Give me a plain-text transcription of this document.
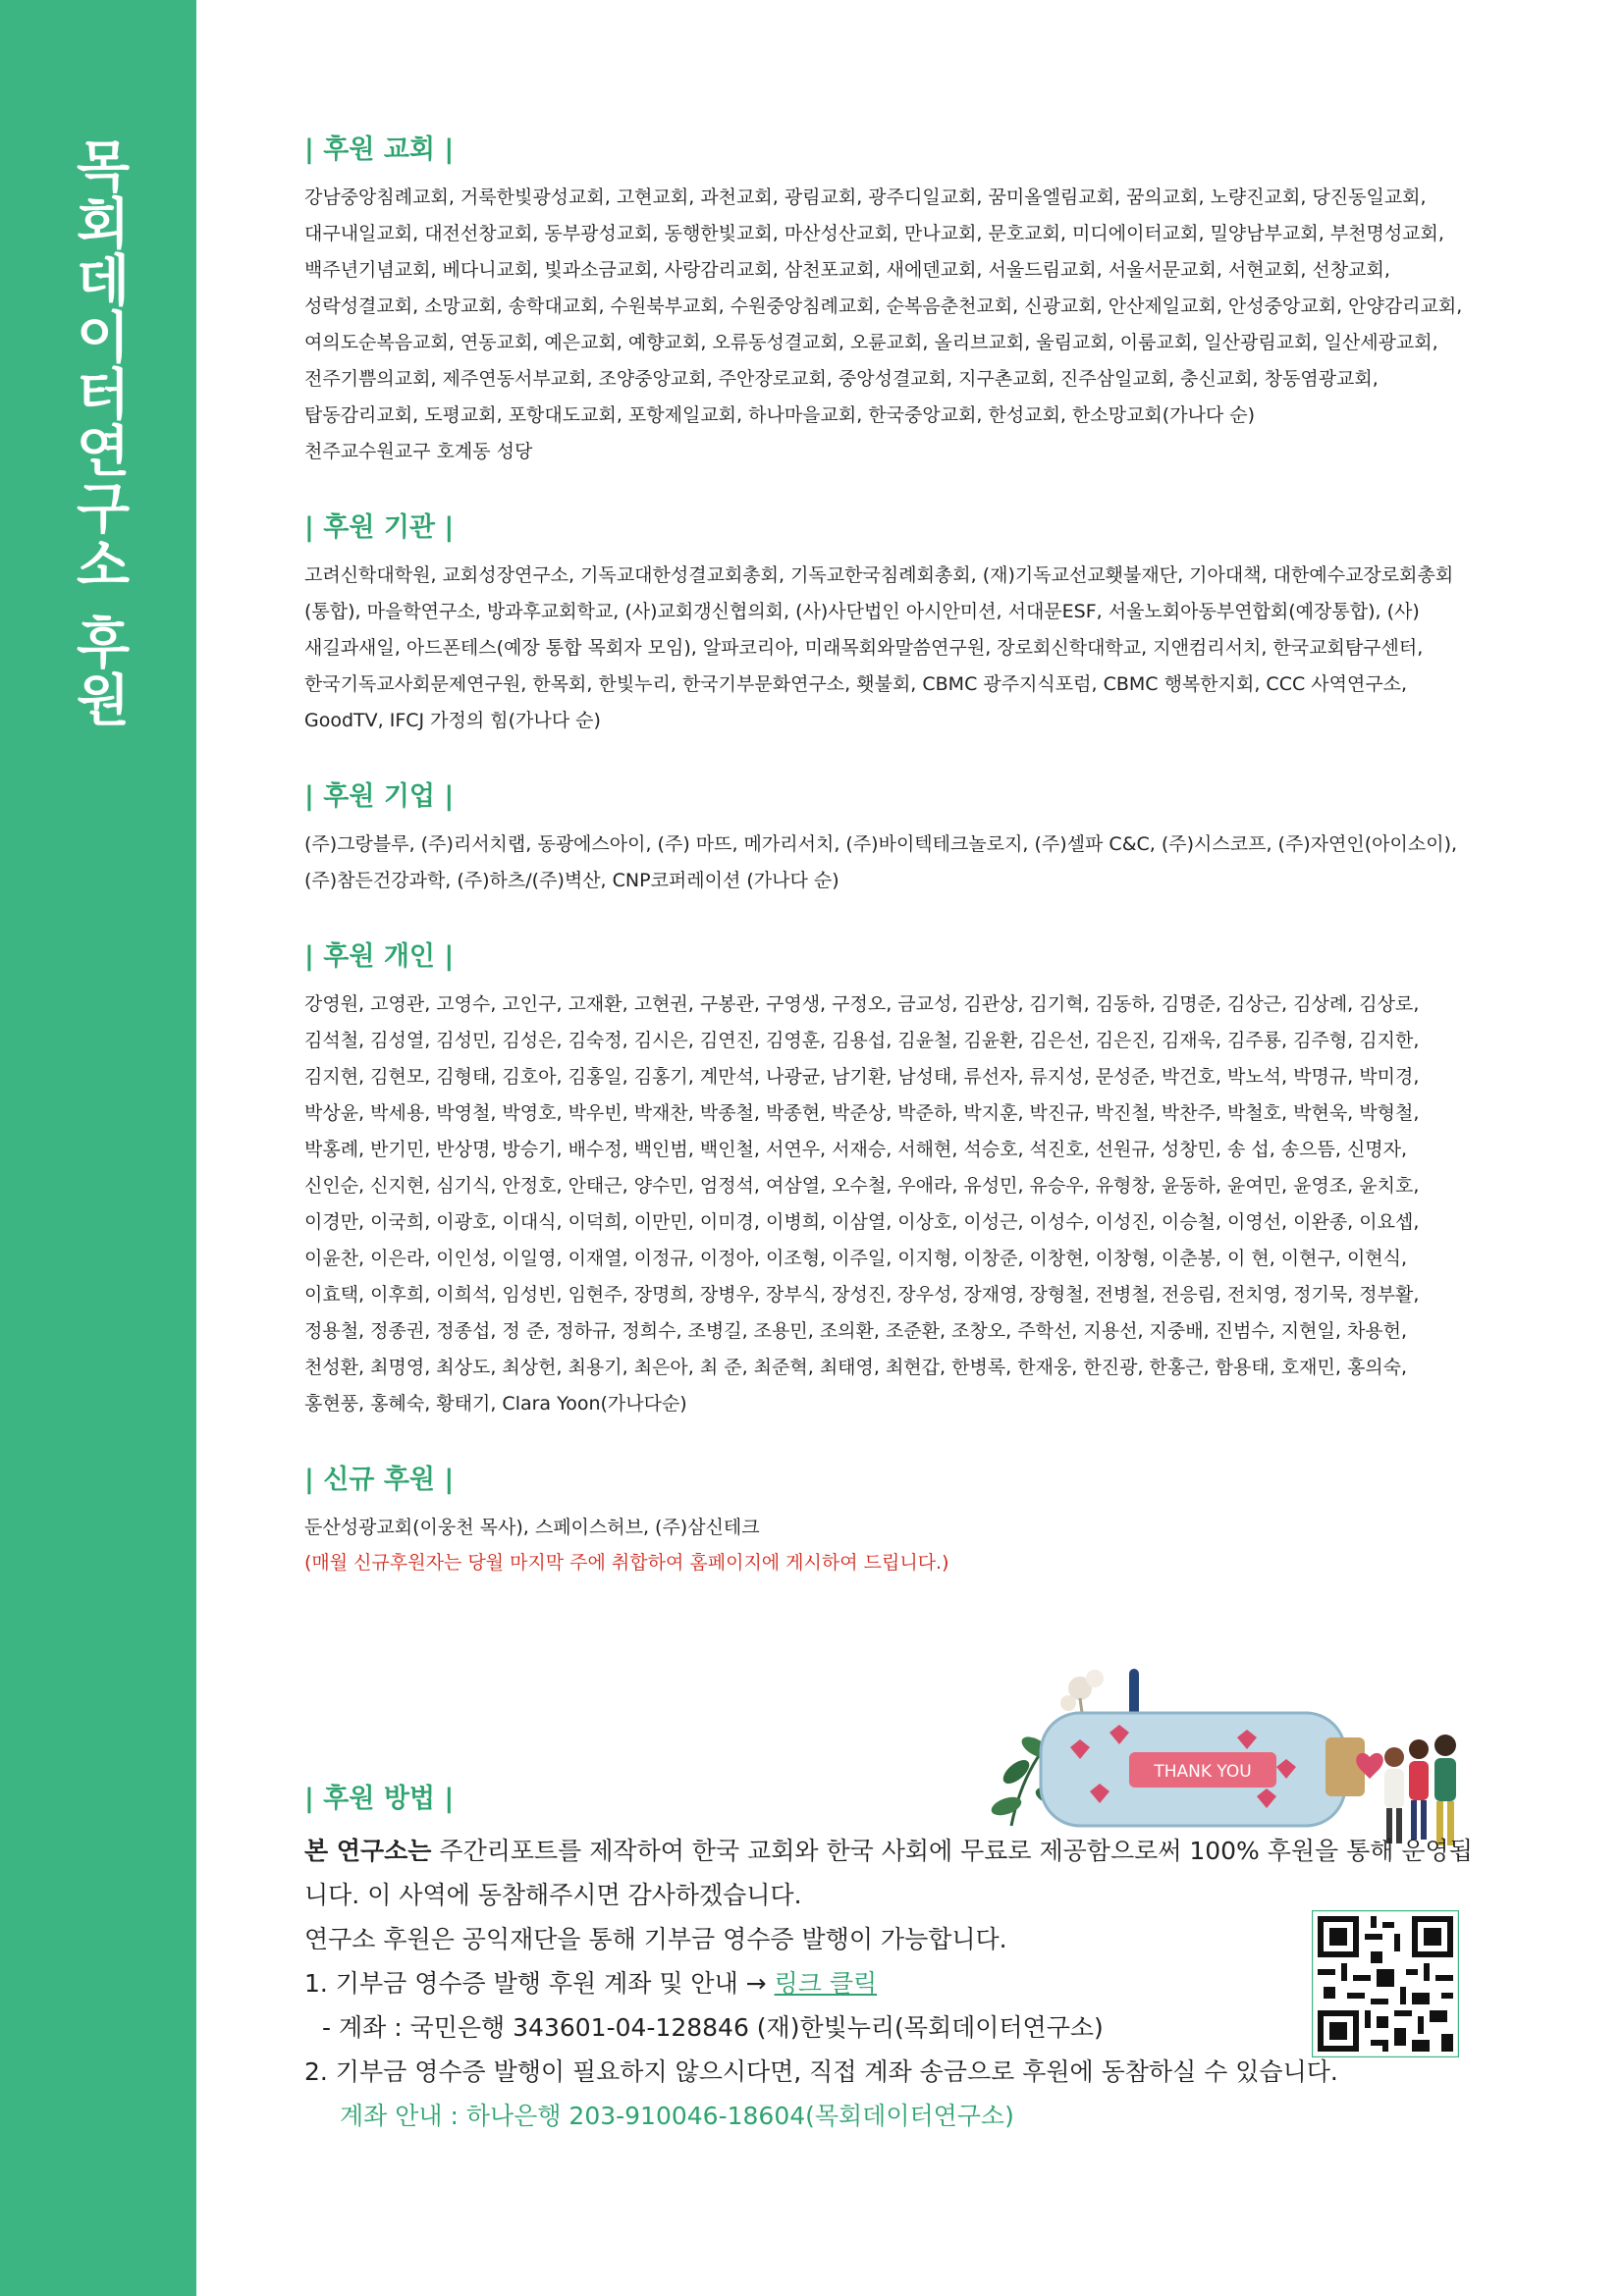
목회데이터연구소 후원	| 후원 교회 |

강남중앙침례교회, 거룩한빛광성교회, 고현교회, 과천교회, 광림교회, 광주디일교회, 꿈미올엘림교회, 꿈의교회, 노량진교회, 당진동일교회, 대구내일교회, 대전선창교회, 동부광성교회, 동행한빛교회, 마산성산교회, 만나교회, 문호교회, 미디에이터교회, 밀양남부교회, 부천명성교회, 백주년기념교회, 베다니교회, 빛과소금교회, 사랑감리교회, 삼천포교회, 새에덴교회, 서울드림교회, 서울서문교회, 서현교회, 선창교회, 성락성결교회, 소망교회, 송학대교회, 수원북부교회, 수원중앙침례교회, 순복음춘천교회, 신광교회, 안산제일교회, 안성중앙교회, 안양감리교회, 여의도순복음교회, 연동교회, 예은교회, 예향교회, 오류동성결교회, 오륜교회, 올리브교회, 울림교회, 이룸교회, 일산광림교회, 일산세광교회, 전주기쁨의교회, 제주연동서부교회, 조양중앙교회, 주안장로교회, 중앙성결교회, 지구촌교회, 진주삼일교회, 충신교회, 창동염광교회, 탑동감리교회, 도평교회, 포항대도교회, 포항제일교회, 하나마을교회, 한국중앙교회, 한성교회, 한소망교회(가나다 순)

천주교수원교구 호계동 성당

| 후원 기관 |

고려신학대학원, 교회성장연구소, 기독교대한성결교회총회, 기독교한국침례회총회, (재)기독교선교횃불재단, 기아대책, 대한예수교장로회총회(통합), 마을학연구소, 방과후교회학교, (사)교회갱신협의회, (사)사단법인 아시안미션, 서대문ESF, 서울노회아동부연합회(예장통합), (사)새길과새일, 아드폰테스(예장 통합 목회자 모임), 알파코리아, 미래목회와말씀연구원, 장로회신학대학교, 지앤컴리서치, 한국교회탐구센터, 한국기독교사회문제연구원, 한목회, 한빛누리, 한국기부문화연구소, 횃불회, CBMC 광주지식포럼, CBMC 행복한지회, CCC 사역연구소, GoodTV, IFCJ 가정의 힘(가나다 순)

| 후원 기업 |

(주)그랑블루, (주)리서치랩, 동광에스아이, (주) 마뜨, 메가리서치, (주)바이텍테크놀로지, (주)셀파 C&C, (주)시스코프, (주)자연인(아이소이), (주)참든건강과학, (주)하츠/(주)벽산, CNP코퍼레이션 (가나다 순)

| 후원 개인 |

강영원, 고영관, 고영수, 고인구, 고재환, 고현권, 구봉관, 구영생, 구정오, 금교성, 김관상, 김기혁, 김동하, 김명준, 김상근, 김상례, 김상로, 김석철, 김성열, 김성민, 김성은, 김숙정, 김시은, 김연진, 김영훈, 김용섭, 김윤철, 김윤환, 김은선, 김은진, 김재욱, 김주룡, 김주형, 김지한, 김지현, 김현모, 김형태, 김호아, 김홍일, 김홍기, 계만석, 나광균, 남기환, 남성태, 류선자, 류지성, 문성준, 박건호, 박노석, 박명규, 박미경, 박상윤, 박세용, 박영철, 박영호, 박우빈, 박재찬, 박종철, 박종현, 박준상, 박준하, 박지훈, 박진규, 박진철, 박찬주, 박철호, 박현욱, 박형철, 박홍례, 반기민, 반상명, 방승기, 배수정, 백인범, 백인철, 서연우, 서재승, 서해현, 석승호, 석진호, 선원규, 성창민, 송 섭, 송으뜸, 신명자, 신인순, 신지현, 심기식, 안정호, 안태근, 양수민, 엄정석, 여삼열, 오수철, 우애라, 유성민, 유승우, 유형창, 윤동하, 윤여민, 윤영조, 윤치호, 이경만, 이국희, 이광호, 이대식, 이덕희, 이만민, 이미경, 이병희, 이삼열, 이상호, 이성근, 이성수, 이성진, 이승철, 이영선, 이완종, 이요셉, 이윤찬, 이은라, 이인성, 이일영, 이재열, 이정규, 이정아, 이조형, 이주일, 이지형, 이창준, 이창현, 이창형, 이춘봉, 이 현, 이현구, 이현식, 이효택, 이후희, 이희석, 임성빈, 임현주, 장명희, 장병우, 장부식, 장성진, 장우성, 장재영, 장형철, 전병철, 전응림, 전치영, 정기묵, 정부활, 정용철, 정종권, 정종섭, 정 준, 정하규, 정희수, 조병길, 조용민, 조의환, 조준환, 조창오, 주학선, 지용선, 지중배, 진범수, 지현일, 차용헌, 천성환, 최명영, 최상도, 최상헌, 최용기, 최은아, 최 준, 최준혁, 최태영, 최현갑, 한병록, 한재웅, 한진광, 한홍근, 함용태, 호재민, 홍의숙, 홍현풍, 홍혜숙, 황태기, Clara Yoon(가나다순)

| 신규 후원 |

둔산성광교회(이웅천 목사), 스페이스허브, (주)삼신테크

(매월 신규후원자는 당월 마지막 주에 취합하여 홈페이지에 게시하여 드립니다.)

THANK YOU
| 후원 방법 |

본 연구소는 주간리포트를 제작하여 한국 교회와 한국 사회에 무료로 제공함으로써 100% 후원을 통해 운영됩니다. 이 사역에 동참해주시면 감사하겠습니다.

연구소 후원은 공익재단을 통해 기부금 영수증 발행이 가능합니다.

1. 기부금 영수증 발행 후원 계좌 및 안내 → 링크 클릭

- 계좌 : 국민은행 343601-04-128846 (재)한빛누리(목회데이터연구소)

2. 기부금 영수증 발행이 필요하지 않으시다면, 직접 계좌 송금으로 후원에 동참하실 수 있습니다.

계좌 안내 : 하나은행 203-910046-18604(목회데이터연구소)
